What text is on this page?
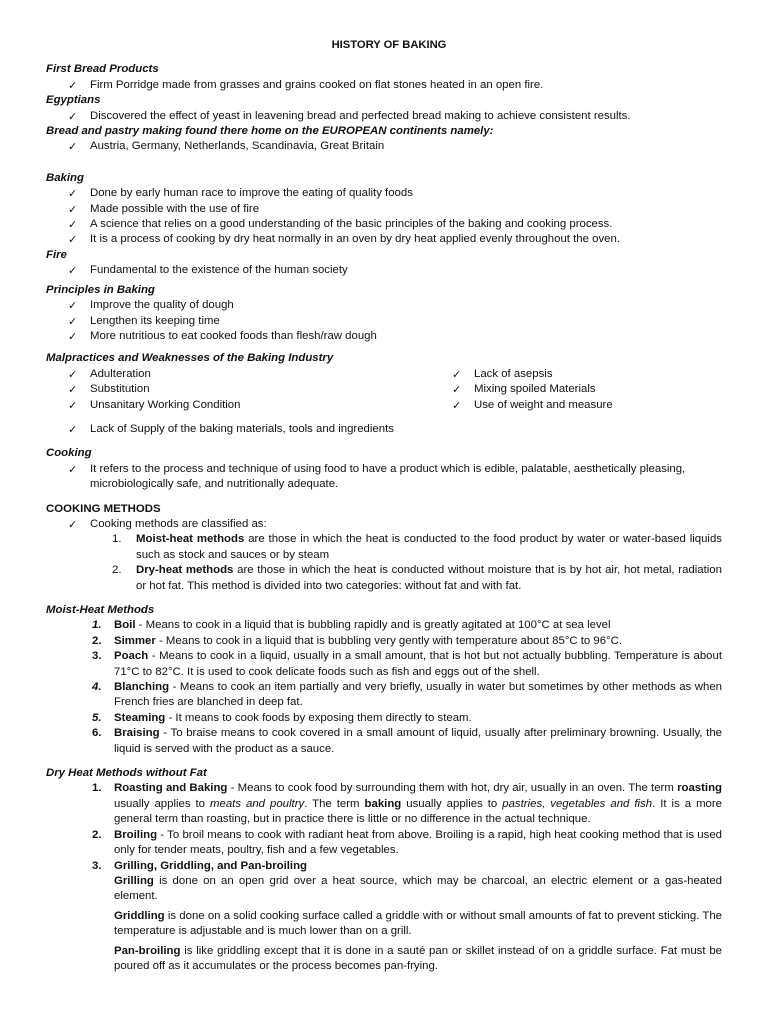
HISTORY OF BAKING
First Bread Products
✓ Firm Porridge made from grasses and grains cooked on flat stones heated in an open fire.
Egyptians
✓ Discovered the effect of yeast in leavening bread and perfected bread making to achieve consistent results.
Bread and pastry making found there home on the EUROPEAN continents namely:
✓ Austria, Germany, Netherlands, Scandinavia, Great Britain
Baking
✓ Done by early human race to improve the eating of quality foods
✓ Made possible with the use of fire
✓ A science that relies on a good understanding of the basic principles of the baking and cooking process.
✓ It is a process of cooking by dry heat normally in an oven by dry heat applied evenly throughout the oven.
Fire
✓ Fundamental to the existence of the human society
Principles in Baking
✓ Improve the quality of dough
✓ Lengthen its keeping time
✓ More nutritious to eat cooked foods than flesh/raw dough
Malpractices and Weaknesses of the Baking Industry
✓ Adulteration
✓ Substitution
✓ Unsanitary Working Condition
✓ Lack of asepsis
✓ Mixing spoiled Materials
✓ Use of weight and measure
✓ Lack of Supply of the baking materials, tools and ingredients
Cooking
✓ It refers to the process and technique of using food to have a product which is edible, palatable, aesthetically pleasing, microbiologically safe, and nutritionally adequate.
COOKING METHODS
✓ Cooking methods are classified as:
1. Moist-heat methods are those in which the heat is conducted to the food product by water or water-based liquids such as stock and sauces or by steam
2. Dry-heat methods are those in which the heat is conducted without moisture that is by hot air, hot metal, radiation or hot fat. This method is divided into two categories: without fat and with fat.
Moist-Heat Methods
1. Boil - Means to cook in a liquid that is bubbling rapidly and is greatly agitated at 100°C at sea level
2. Simmer - Means to cook in a liquid that is bubbling very gently with temperature about 85°C to 96°C.
3. Poach - Means to cook in a liquid, usually in a small amount, that is hot but not actually bubbling. Temperature is about 71°C to 82°C. It is used to cook delicate foods such as fish and eggs out of the shell.
4. Blanching - Means to cook an item partially and very briefly, usually in water but sometimes by other methods as when French fries are blanched in deep fat.
5. Steaming - It means to cook foods by exposing them directly to steam.
6. Braising - To braise means to cook covered in a small amount of liquid, usually after preliminary browning. Usually, the liquid is served with the product as a sauce.
Dry Heat Methods without Fat
1. Roasting and Baking - Means to cook food by surrounding them with hot, dry air, usually in an oven. The term roasting usually applies to meats and poultry. The term baking usually applies to pastries, vegetables and fish. It is a more general term than roasting, but in practice there is little or no difference in the actual technique.
2. Broiling - To broil means to cook with radiant heat from above. Broiling is a rapid, high heat cooking method that is used only for tender meats, poultry, fish and a few vegetables.
3. Grilling, Griddling, and Pan-broiling
Grilling is done on an open grid over a heat source, which may be charcoal, an electric element or a gas-heated element.
Griddling is done on a solid cooking surface called a griddle with or without small amounts of fat to prevent sticking. The temperature is adjustable and is much lower than on a grill.
Pan-broiling is like griddling except that it is done in a sauté pan or skillet instead of on a griddle surface. Fat must be poured off as it accumulates or the process becomes pan-frying.
